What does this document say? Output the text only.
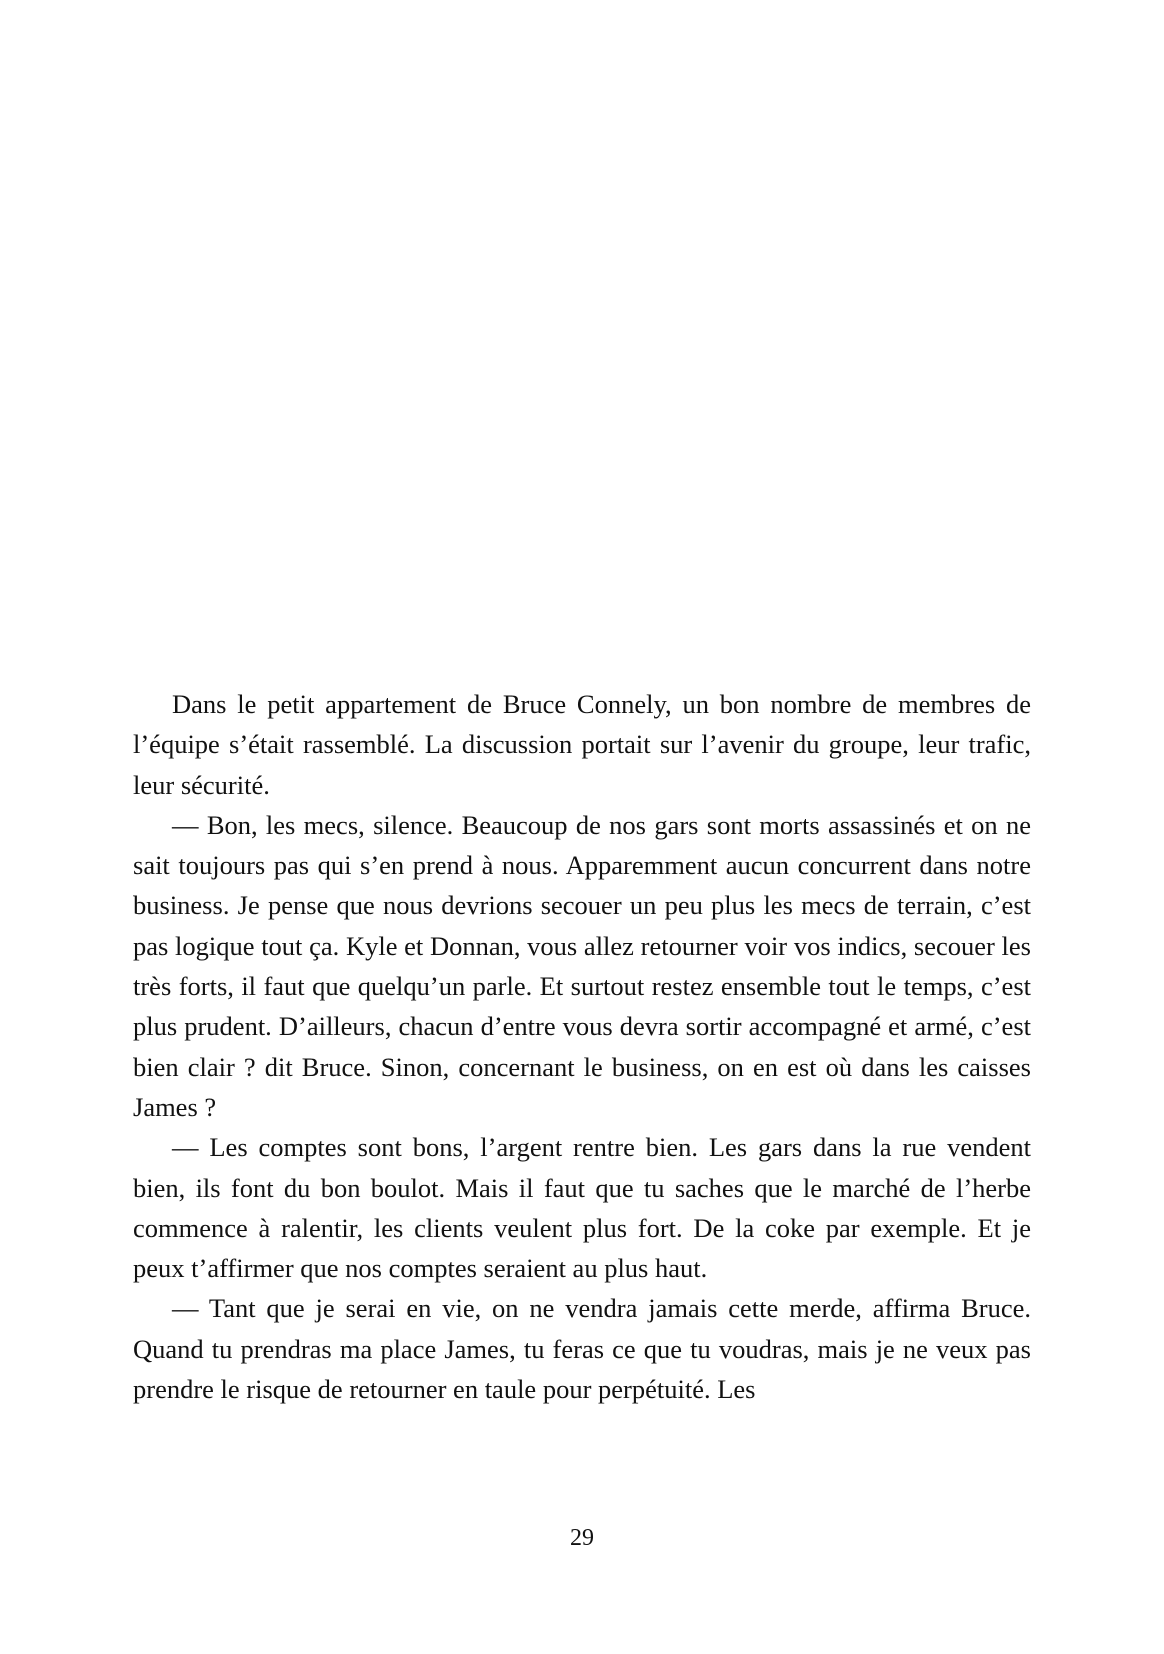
Dans le petit appartement de Bruce Connely, un bon nombre de membres de l’équipe s’était rassemblé. La discussion portait sur l’avenir du groupe, leur trafic, leur sécurité.

— Bon, les mecs, silence. Beaucoup de nos gars sont morts assassinés et on ne sait toujours pas qui s’en prend à nous. Apparemment aucun concurrent dans notre business. Je pense que nous devrions secouer un peu plus les mecs de terrain, c’est pas logique tout ça. Kyle et Donnan, vous allez retourner voir vos indics, secouer les très forts, il faut que quelqu’un parle. Et surtout restez ensemble tout le temps, c’est plus prudent. D’ailleurs, chacun d’entre vous devra sortir accompagné et armé, c’est bien clair ? dit Bruce. Sinon, concernant le business, on en est où dans les caisses James ?

— Les comptes sont bons, l’argent rentre bien. Les gars dans la rue vendent bien, ils font du bon boulot. Mais il faut que tu saches que le marché de l’herbe commence à ralentir, les clients veulent plus fort. De la coke par exemple. Et je peux t’affirmer que nos comptes seraient au plus haut.

— Tant que je serai en vie, on ne vendra jamais cette merde, affirma Bruce. Quand tu prendras ma place James, tu feras ce que tu voudras, mais je ne veux pas prendre le risque de retourner en taule pour perpétuité. Les

29
